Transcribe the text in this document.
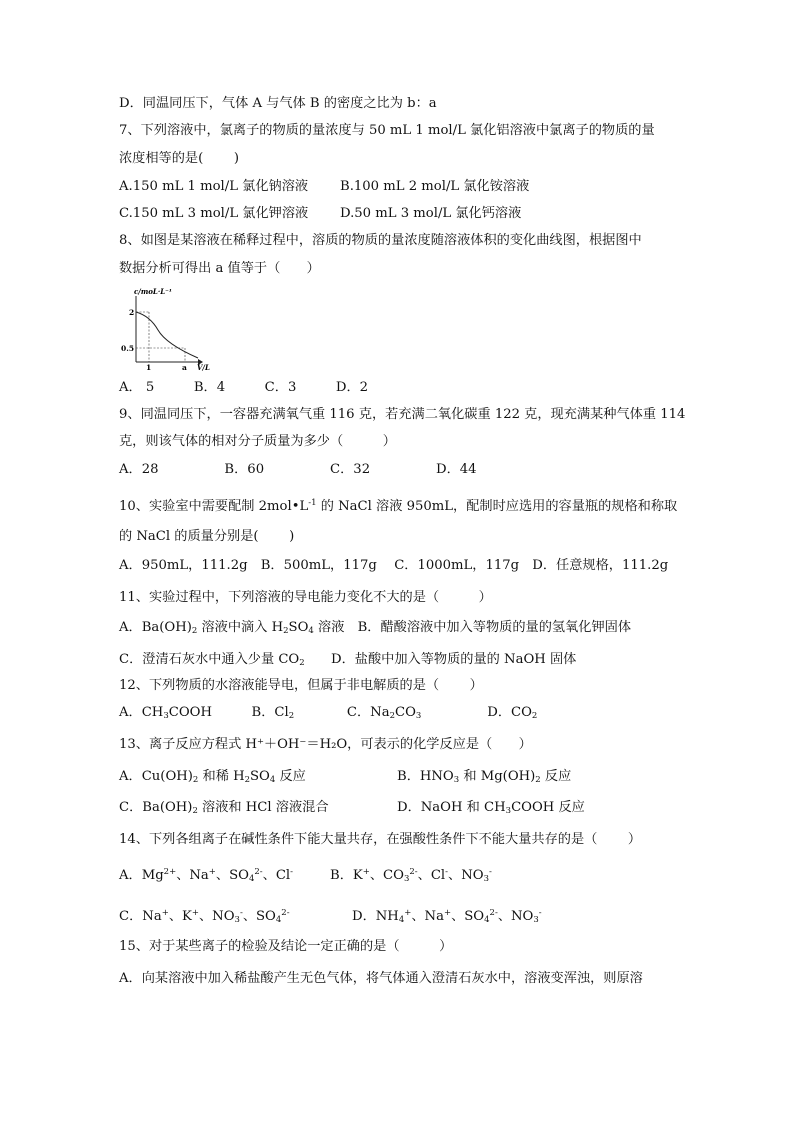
D．同温同压下，气体 A 与气体 B 的密度之比为 b：a
7、下列溶液中，氯离子的物质的量浓度与 50 mL 1 mol/L 氯化铝溶液中氯离子的物质的量
浓度相等的是(　　 )
A.150 mL 1 mol/L 氯化钠溶液 B.100 mL 2 mol/L 氯化铵溶液
C.150 mL 3 mol/L 氯化钾溶液 D.50 mL 3 mol/L 氯化钙溶液
8、如图是某溶液在稀释过程中，溶质的物质的量浓度随溶液体积的变化曲线图，根据图中
数据分析可得出 a 值等于（　　）
c/moL·L⁻¹
2
0.5
1	a V/L
A． 5　　　B．4　　　C．3　　　D．2
9、同温同压下，一容器充满氧气重 116 克，若充满二氧化碳重 122 克，现充满某种气体重 114
克，则该气体的相对分子质量为多少（　　　）
A．28　　　　　B．60　　　　　C．32　　　　　D．44
10、实验室中需要配制 $2mol•L^{-1}$ 的 NaCl 溶液 950mL，配制时应选用的容量瓶的规格和称取
的 NaCl 的质量分别是(　　 )
A．950mL，111.2g　B．500mL，117g　 C．1000mL，117g　D．任意规格，111.2g
11、实验过程中，下列溶液的导电能力变化不大的是（　　　）
A．$Ba(OH)_2$ 溶液中滴入 $H_2SO_4$ 溶液　B．醋酸溶液中加入等物质的量的氢氧化钾固体
C．澄清石灰水中通入少量 $CO_2$　　D．盐酸中加入等物质的量的 NaOH 固体
12、下列物质的水溶液能导电，但属于非电解质的是（　　 ）
A．$CH_3COOH$　　　B．$Cl_2$　　　　C．$Na_2CO_3$　　　　　D．$CO_2$
13、离子反应方程式 H⁺＋OH⁻＝H₂O，可表示的化学反应是（　　）
A．$Cu(OH)_2$ 和稀 $H_2SO_4$ 反应	B．$HNO_3$ 和 $Mg(OH)_2$ 反应
C．$Ba(OH)_2$ 溶液和 HCl 溶液混合	D．NaOH 和 $CH_3COOH$ 反应
14、下列各组离子在碱性条件下能大量共存，在强酸性条件下不能大量共存的是（　　 ）
A．$Mg^{2+}$、Na+、$SO_4^{2-}$、Cl-	B．K+、$CO_3^{2-}$、Cl-、$NO_3^-$
C．Na+、K+、$NO_3^-$、$SO_4^{2-}$	D．$NH_4^+$、Na+、$SO_4^{2-}$、$NO_3^-$
15、对于某些离子的检验及结论一定正确的是（　　　）
A．向某溶液中加入稀盐酸产生无色气体，将气体通入澄清石灰水中，溶液变浑浊，则原溶
